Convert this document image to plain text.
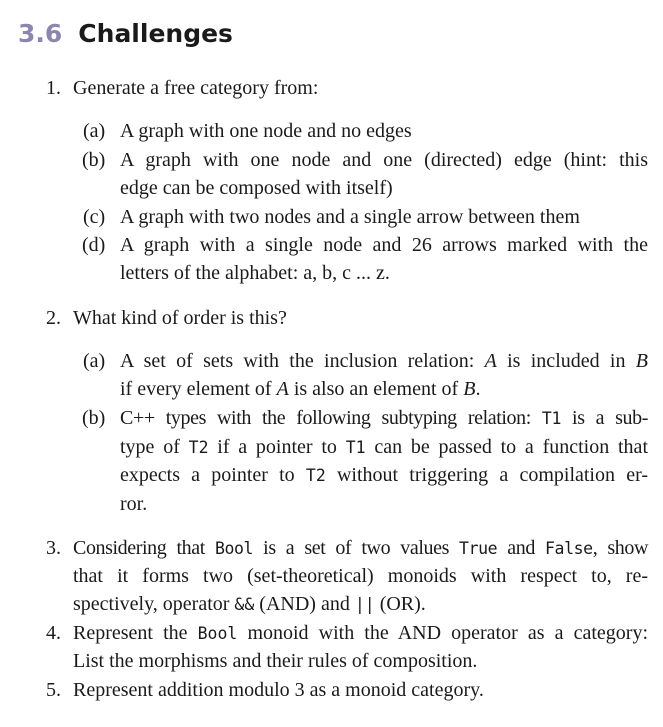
3.6 Challenges
1. Generate a free category from:
(a) A graph with one node and no edges
(b) A graph with one node and one (directed) edge (hint: this
edge can be composed with itself)
(c) A graph with two nodes and a single arrow between them
(d) A graph with a single node and 26 arrows marked with the
letters of the alphabet: a, b, c ... z.
2. What kind of order is this?
(a) A set of sets with the inclusion relation: A is included in B
if every element of A is also an element of B.
(b) C++ types with the following subtyping relation: T1 is a sub-
type of T2 if a pointer to T1 can be passed to a function that
expects a pointer to T2 without triggering a compilation er-
ror.
3. Considering that Bool is a set of two values True and False, show
that it forms two (set-theoretical) monoids with respect to, re-
spectively, operator && (AND) and || (OR).
4. Represent the Bool monoid with the AND operator as a category:
List the morphisms and their rules of composition.
5. Represent addition modulo 3 as a monoid category.
